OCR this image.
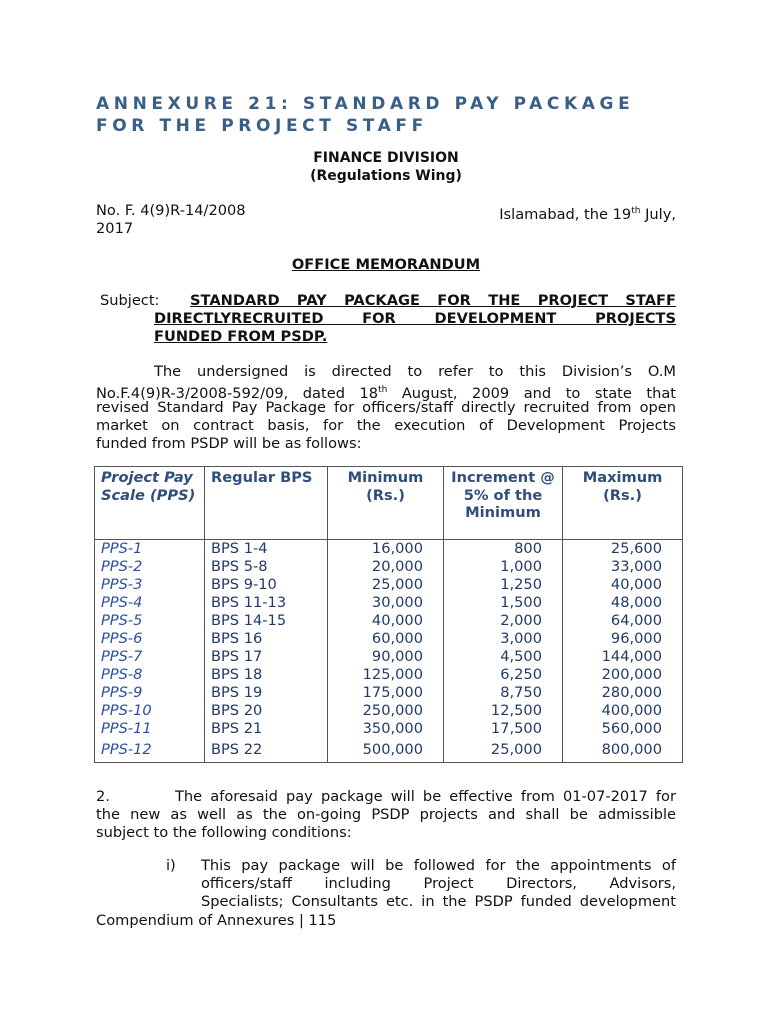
ANNEXURE 21: STANDARD PAY PACKAGE
FOR THE PROJECT STAFF
FINANCE DIVISION
(Regulations Wing)
No. F. 4(9)R-14/2008	Islamabad, the 19th July,
2017
OFFICE MEMORANDUM
Subject: STANDARD PAY PACKAGE FOR THE PROJECT STAFF
DIRECTLYRECRUITED FOR DEVELOPMENT PROJECTS
FUNDED FROM PSDP.
The undersigned is directed to refer to this Division’s O.M
No.F.4(9)R-3/2008-592/09, dated 18th August, 2009 and to state that
revised Standard Pay Package for officers/staff directly recruited from open
market on contract basis, for the execution of Development Projects
funded from PSDP will be as follows:
Project Pay Scale (PPS)	Regular BPS	Minimum (Rs.)	Increment @ 5% of the Minimum	Maximum (Rs.)
PPS-1	BPS 1-4	16,000	800	25,600
PPS-2	BPS 5-8	20,000	1,000	33,000
PPS-3	BPS 9-10	25,000	1,250	40,000
PPS-4	BPS 11-13	30,000	1,500	48,000
PPS-5	BPS 14-15	40,000	2,000	64,000
PPS-6	BPS 16	60,000	3,000	96,000
PPS-7	BPS 17	90,000	4,500	144,000
PPS-8	BPS 18	125,000	6,250	200,000
PPS-9	BPS 19	175,000	8,750	280,000
PPS-10	BPS 20	250,000	12,500	400,000
PPS-11	BPS 21	350,000	17,500	560,000
PPS-12	BPS 22	500,000	25,000	800,000
2.        The aforesaid pay package will be effective from 01-07-2017 for
the new as well as the on-going PSDP projects and shall be admissible
subject to the following conditions:
i) This pay package will be followed for the appointments of
officers/staff including Project Directors, Advisors,
Specialists; Consultants etc. in the PSDP funded development
Compendium of Annexures | 115
